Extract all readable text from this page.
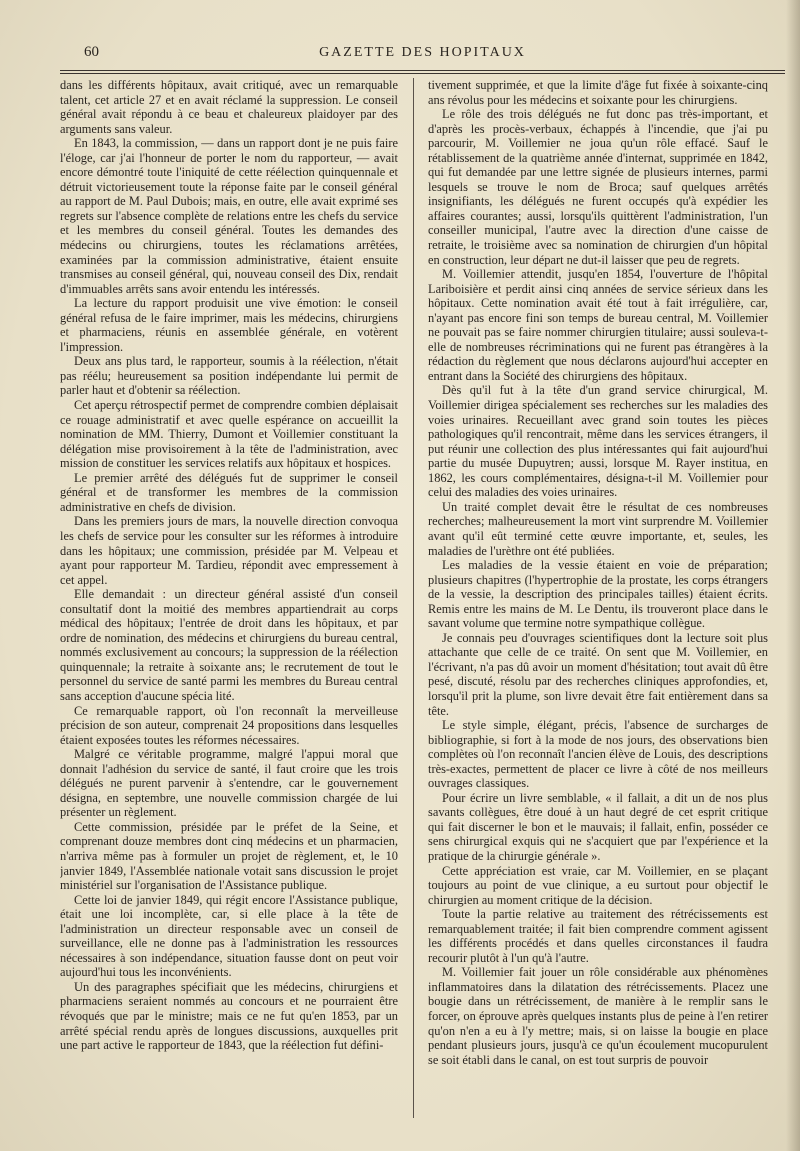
60	GAZETTE DES HOPITAUX

dans les différents hôpitaux, avait critiqué, avec un remarquable talent, cet article 27 et en avait réclamé la suppression. Le conseil général avait répondu à ce beau et chaleureux plaidoyer par des arguments sans valeur.

En 1843, la commission, — dans un rapport dont je ne puis faire l'éloge, car j'ai l'honneur de porter le nom du rapporteur, — avait encore démontré toute l'iniquité de cette réélection quinquennale et détruit victorieusement toute la réponse faite par le conseil général au rapport de M. Paul Dubois; mais, en outre, elle avait exprimé ses regrets sur l'absence complète de relations entre les chefs du service et les membres du conseil général. Toutes les demandes des médecins ou chirurgiens, toutes les réclamations arrêtées, examinées par la commission administrative, étaient ensuite transmises au conseil général, qui, nouveau conseil des Dix, rendait d'immuables arrêts sans avoir entendu les intéressés.

La lecture du rapport produisit une vive émotion: le conseil général refusa de le faire imprimer, mais les médecins, chirurgiens et pharmaciens, réunis en assemblée générale, en votèrent l'impression.

Deux ans plus tard, le rapporteur, soumis à la réélection, n'était pas réélu; heureusement sa position indépendante lui permit de parler haut et d'obtenir sa réélection.

Cet aperçu rétrospectif permet de comprendre combien déplaisait ce rouage administratif et avec quelle espérance on accueillit la nomination de MM. Thierry, Dumont et Voillemier constituant la délégation mise provisoirement à la tête de l'administration, avec mission de constituer les services relatifs aux hôpitaux et hospices.

Le premier arrêté des délégués fut de supprimer le conseil général et de transformer les membres de la commission administrative en chefs de division.

Dans les premiers jours de mars, la nouvelle direction convoqua les chefs de service pour les consulter sur les réformes à introduire dans les hôpitaux; une commission, présidée par M. Velpeau et ayant pour rapporteur M. Tardieu, répondit avec empressement à cet appel.

Elle demandait : un directeur général assisté d'un conseil consultatif dont la moitié des membres appartiendrait au corps médical des hôpitaux; l'entrée de droit dans les hôpitaux, et par ordre de nomination, des médecins et chirurgiens du bureau central, nommés exclusivement au concours; la suppression de la réélection quinquennale; la retraite à soixante ans; le recrutement de tout le personnel du service de santé parmi les membres du Bureau central sans acception d'aucune spécia lité.

Ce remarquable rapport, où l'on reconnaît la merveilleuse précision de son auteur, comprenait 24 propositions dans lesquelles étaient exposées toutes les réformes nécessaires.

Malgré ce véritable programme, malgré l'appui moral que donnait l'adhésion du service de santé, il faut croire que les trois délégués ne purent parvenir à s'entendre, car le gouvernement désigna, en septembre, une nouvelle commission chargée de lui présenter un règlement.

Cette commission, présidée par le préfet de la Seine, et comprenant douze membres dont cinq médecins et un pharmacien, n'arriva même pas à formuler un projet de règlement, et, le 10 janvier 1849, l'Assemblée nationale votait sans discussion le projet ministériel sur l'organisation de l'Assistance publique.

Cette loi de janvier 1849, qui régit encore l'Assistance publique, était une loi incomplète, car, si elle place à la tête de l'administration un directeur responsable avec un conseil de surveillance, elle ne donne pas à l'administration les ressources nécessaires à son indépendance, situation fausse dont on peut voir aujourd'hui tous les inconvénients.

Un des paragraphes spécifiait que les médecins, chirurgiens et pharmaciens seraient nommés au concours et ne pourraient être révoqués que par le ministre; mais ce ne fut qu'en 1853, par un arrêté spécial rendu après de longues discussions, auxquelles prit une part active le rapporteur de 1843, que la réélection fut défini-

tivement supprimée, et que la limite d'âge fut fixée à soixante-cinq ans révolus pour les médecins et soixante pour les chirurgiens.

Le rôle des trois délégués ne fut donc pas très-important, et d'après les procès-verbaux, échappés à l'incendie, que j'ai pu parcourir, M. Voillemier ne joua qu'un rôle effacé. Sauf le rétablissement de la quatrième année d'internat, supprimée en 1842, qui fut demandée par une lettre signée de plusieurs internes, parmi lesquels se trouve le nom de Broca; sauf quelques arrêtés insignifiants, les délégués ne furent occupés qu'à expédier les affaires courantes; aussi, lorsqu'ils quittèrent l'administration, l'un conseiller municipal, l'autre avec la direction d'une caisse de retraite, le troisième avec sa nomination de chirurgien d'un hôpital en construction, leur départ ne dut-il laisser que peu de regrets.

M. Voillemier attendit, jusqu'en 1854, l'ouverture de l'hôpital Lariboisière et perdit ainsi cinq années de service sérieux dans les hôpitaux. Cette nomination avait été tout à fait irrégulière, car, n'ayant pas encore fini son temps de bureau central, M. Voillemier ne pouvait pas se faire nommer chirurgien titulaire; aussi souleva-t-elle de nombreuses récriminations qui ne furent pas étrangères à la rédaction du règlement que nous déclarons aujourd'hui accepter en entrant dans la Société des chirurgiens des hôpitaux.

Dès qu'il fut à la tête d'un grand service chirurgical, M. Voillemier dirigea spécialement ses recherches sur les maladies des voies urinaires. Recueillant avec grand soin toutes les pièces pathologiques qu'il rencontrait, même dans les services étrangers, il put réunir une collection des plus intéressantes qui fait aujourd'hui partie du musée Dupuytren; aussi, lorsque M. Rayer institua, en 1862, les cours complémentaires, désigna-t-il M. Voillemier pour celui des maladies des voies urinaires.

Un traité complet devait être le résultat de ces nombreuses recherches; malheureusement la mort vint surprendre M. Voillemier avant qu'il eût terminé cette œuvre importante, et, seules, les maladies de l'urèthre ont été publiées.

Les maladies de la vessie étaient en voie de préparation; plusieurs chapitres (l'hypertrophie de la prostate, les corps étrangers de la vessie, la description des principales tailles) étaient écrits. Remis entre les mains de M. Le Dentu, ils trouveront place dans le savant volume que termine notre sympathique collègue.

Je connais peu d'ouvrages scientifiques dont la lecture soit plus attachante que celle de ce traité. On sent que M. Voillemier, en l'écrivant, n'a pas dû avoir un moment d'hésitation; tout avait dû être pesé, discuté, résolu par des recherches cliniques approfondies, et, lorsqu'il prit la plume, son livre devait être fait entièrement dans sa tête.

Le style simple, élégant, précis, l'absence de surcharges de bibliographie, si fort à la mode de nos jours, des observations bien complètes où l'on reconnaît l'ancien élève de Louis, des descriptions très-exactes, permettent de placer ce livre à côté de nos meilleurs ouvrages classiques.

Pour écrire un livre semblable, « il fallait, a dit un de nos plus savants collègues, être doué à un haut degré de cet esprit critique qui fait discerner le bon et le mauvais; il fallait, enfin, posséder ce sens chirurgical exquis qui ne s'acquiert que par l'expérience et la pratique de la chirurgie générale ».

Cette appréciation est vraie, car M. Voillemier, en se plaçant toujours au point de vue clinique, a eu surtout pour objectif le chirurgien au moment critique de la décision.

Toute la partie relative au traitement des rétrécissements est remarquablement traitée; il fait bien comprendre comment agissent les différents procédés et dans quelles circonstances il faudra recourir plutôt à l'un qu'à l'autre.

M. Voillemier fait jouer un rôle considérable aux phénomènes inflammatoires dans la dilatation des rétrécissements. Placez une bougie dans un rétrécissement, de manière à le remplir sans le forcer, on éprouve après quelques instants plus de peine à l'en retirer qu'on n'en a eu à l'y mettre; mais, si on laisse la bougie en place pendant plusieurs jours, jusqu'à ce qu'un écoulement mucopurulent se soit établi dans le canal, on est tout surpris de pouvoir
